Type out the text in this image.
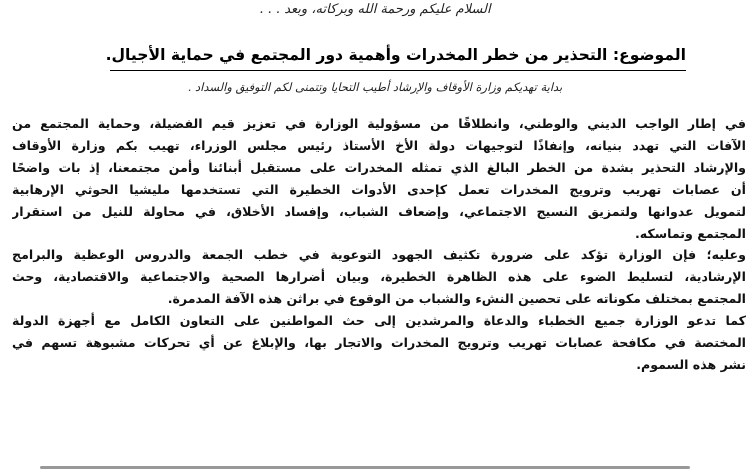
السلام عليكم ورحمة الله وبركاته، وبعد . . .
الموضوع: التحذير من خطر المخدرات وأهمية دور المجتمع في حماية الأجيال.
بداية تهديكم وزارة الأوقاف والإرشاد أطيب التحايا وتتمنى لكم التوفيق والسداد .
في إطار الواجب الديني والوطني، وانطلاقًا من مسؤولية الوزارة في تعزيز قيم الفضيلة، وحماية المجتمع من
الآفات التي تهدد بنيانه، وإنفاذًا لتوجيهات دولة الأخ الأستاذ رئيس مجلس الوزراء، تهيب بكم وزارة الأوقاف
والإرشاد التحذير بشدة من الخطر البالغ الذي تمثله المخدرات على مستقبل أبنائنا وأمن مجتمعنا، إذ بات واضحًا
أن عصابات تهريب وترويج المخدرات تعمل كإحدى الأدوات الخطيرة التي تستخدمها مليشيا الحوثي الإرهابية
لتمويل عدوانها ولتمزيق النسيج الاجتماعي، وإضعاف الشباب، وإفساد الأخلاق، في محاولة للنيل من استقرار
المجتمع وتماسكه.
وعليه؛ فإن الوزارة تؤكد على ضرورة تكثيف الجهود التوعوية في خطب الجمعة والدروس الوعظية والبرامج
الإرشادية، لتسليط الضوء على هذه الظاهرة الخطيرة، وبيان أضرارها الصحية والاجتماعية والاقتصادية، وحث
المجتمع بمختلف مكوناته على تحصين النشء والشباب من الوقوع في براثن هذه الآفة المدمرة.
كما تدعو الوزارة جميع الخطباء والدعاة والمرشدين إلى حث المواطنين على التعاون الكامل مع أجهزة الدولة
المختصة في مكافحة عصابات تهريب وترويج المخدرات والاتجار بها، والإبلاغ عن أي تحركات مشبوهة تسهم في
نشر هذه السموم.
